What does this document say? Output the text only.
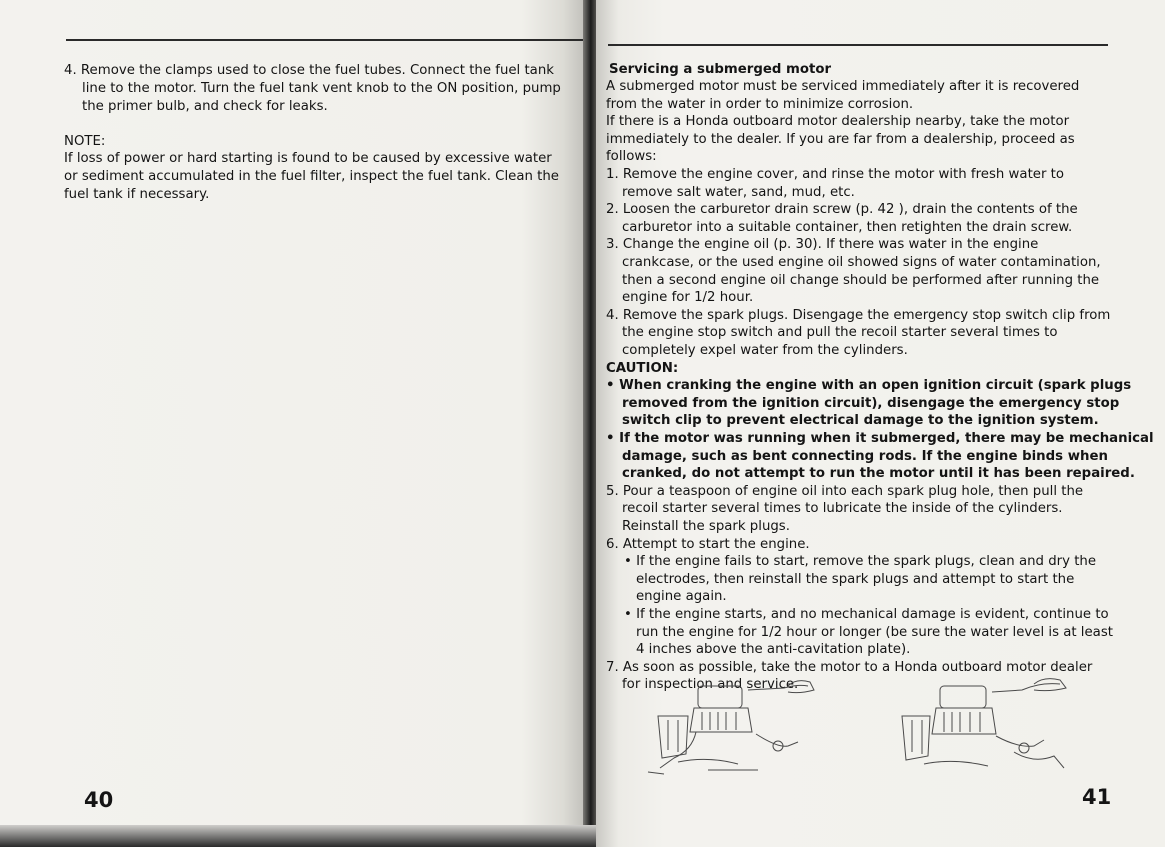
4. Remove the clamps used to close the fuel tubes. Connect the fuel tank
line to the motor. Turn the fuel tank vent knob to the ON position, pump
the primer bulb, and check for leaks.
NOTE:
If loss of power or hard starting is found to be caused by excessive water
or sediment accumulated in the fuel filter, inspect the fuel tank. Clean the
fuel tank if necessary.
40
Servicing a submerged motor
A submerged motor must be serviced immediately after it is recovered
from the water in order to minimize corrosion.
If there is a Honda outboard motor dealership nearby, take the motor
immediately to the dealer. If you are far from a dealership, proceed as
follows:
1. Remove the engine cover, and rinse the motor with fresh water to
remove salt water, sand, mud, etc.
2. Loosen the carburetor drain screw (p. 42 ), drain the contents of the
carburetor into a suitable container, then retighten the drain screw.
3. Change the engine oil (p. 30). If there was water in the engine
crankcase, or the used engine oil showed signs of water contamination,
then a second engine oil change should be performed after running the
engine for 1/2 hour.
4. Remove the spark plugs. Disengage the emergency stop switch clip from
the engine stop switch and pull the recoil starter several times to
completely expel water from the cylinders.
CAUTION:
• When cranking the engine with an open ignition circuit (spark plugs
removed from the ignition circuit), disengage the emergency stop
switch clip to prevent electrical damage to the ignition system.
• If the motor was running when it submerged, there may be mechanical
damage, such as bent connecting rods. If the engine binds when
cranked, do not attempt to run the motor until it has been repaired.
5. Pour a teaspoon of engine oil into each spark plug hole, then pull the
recoil starter several times to lubricate the inside of the cylinders.
Reinstall the spark plugs.
6. Attempt to start the engine.
• If the engine fails to start, remove the spark plugs, clean and dry the
electrodes, then reinstall the spark plugs and attempt to start the
engine again.
• If the engine starts, and no mechanical damage is evident, continue to
run the engine for 1/2 hour or longer (be sure the water level is at least
4 inches above the anti-cavitation plate).
7. As soon as possible, take the motor to a Honda outboard motor dealer
for inspection and service.
41
